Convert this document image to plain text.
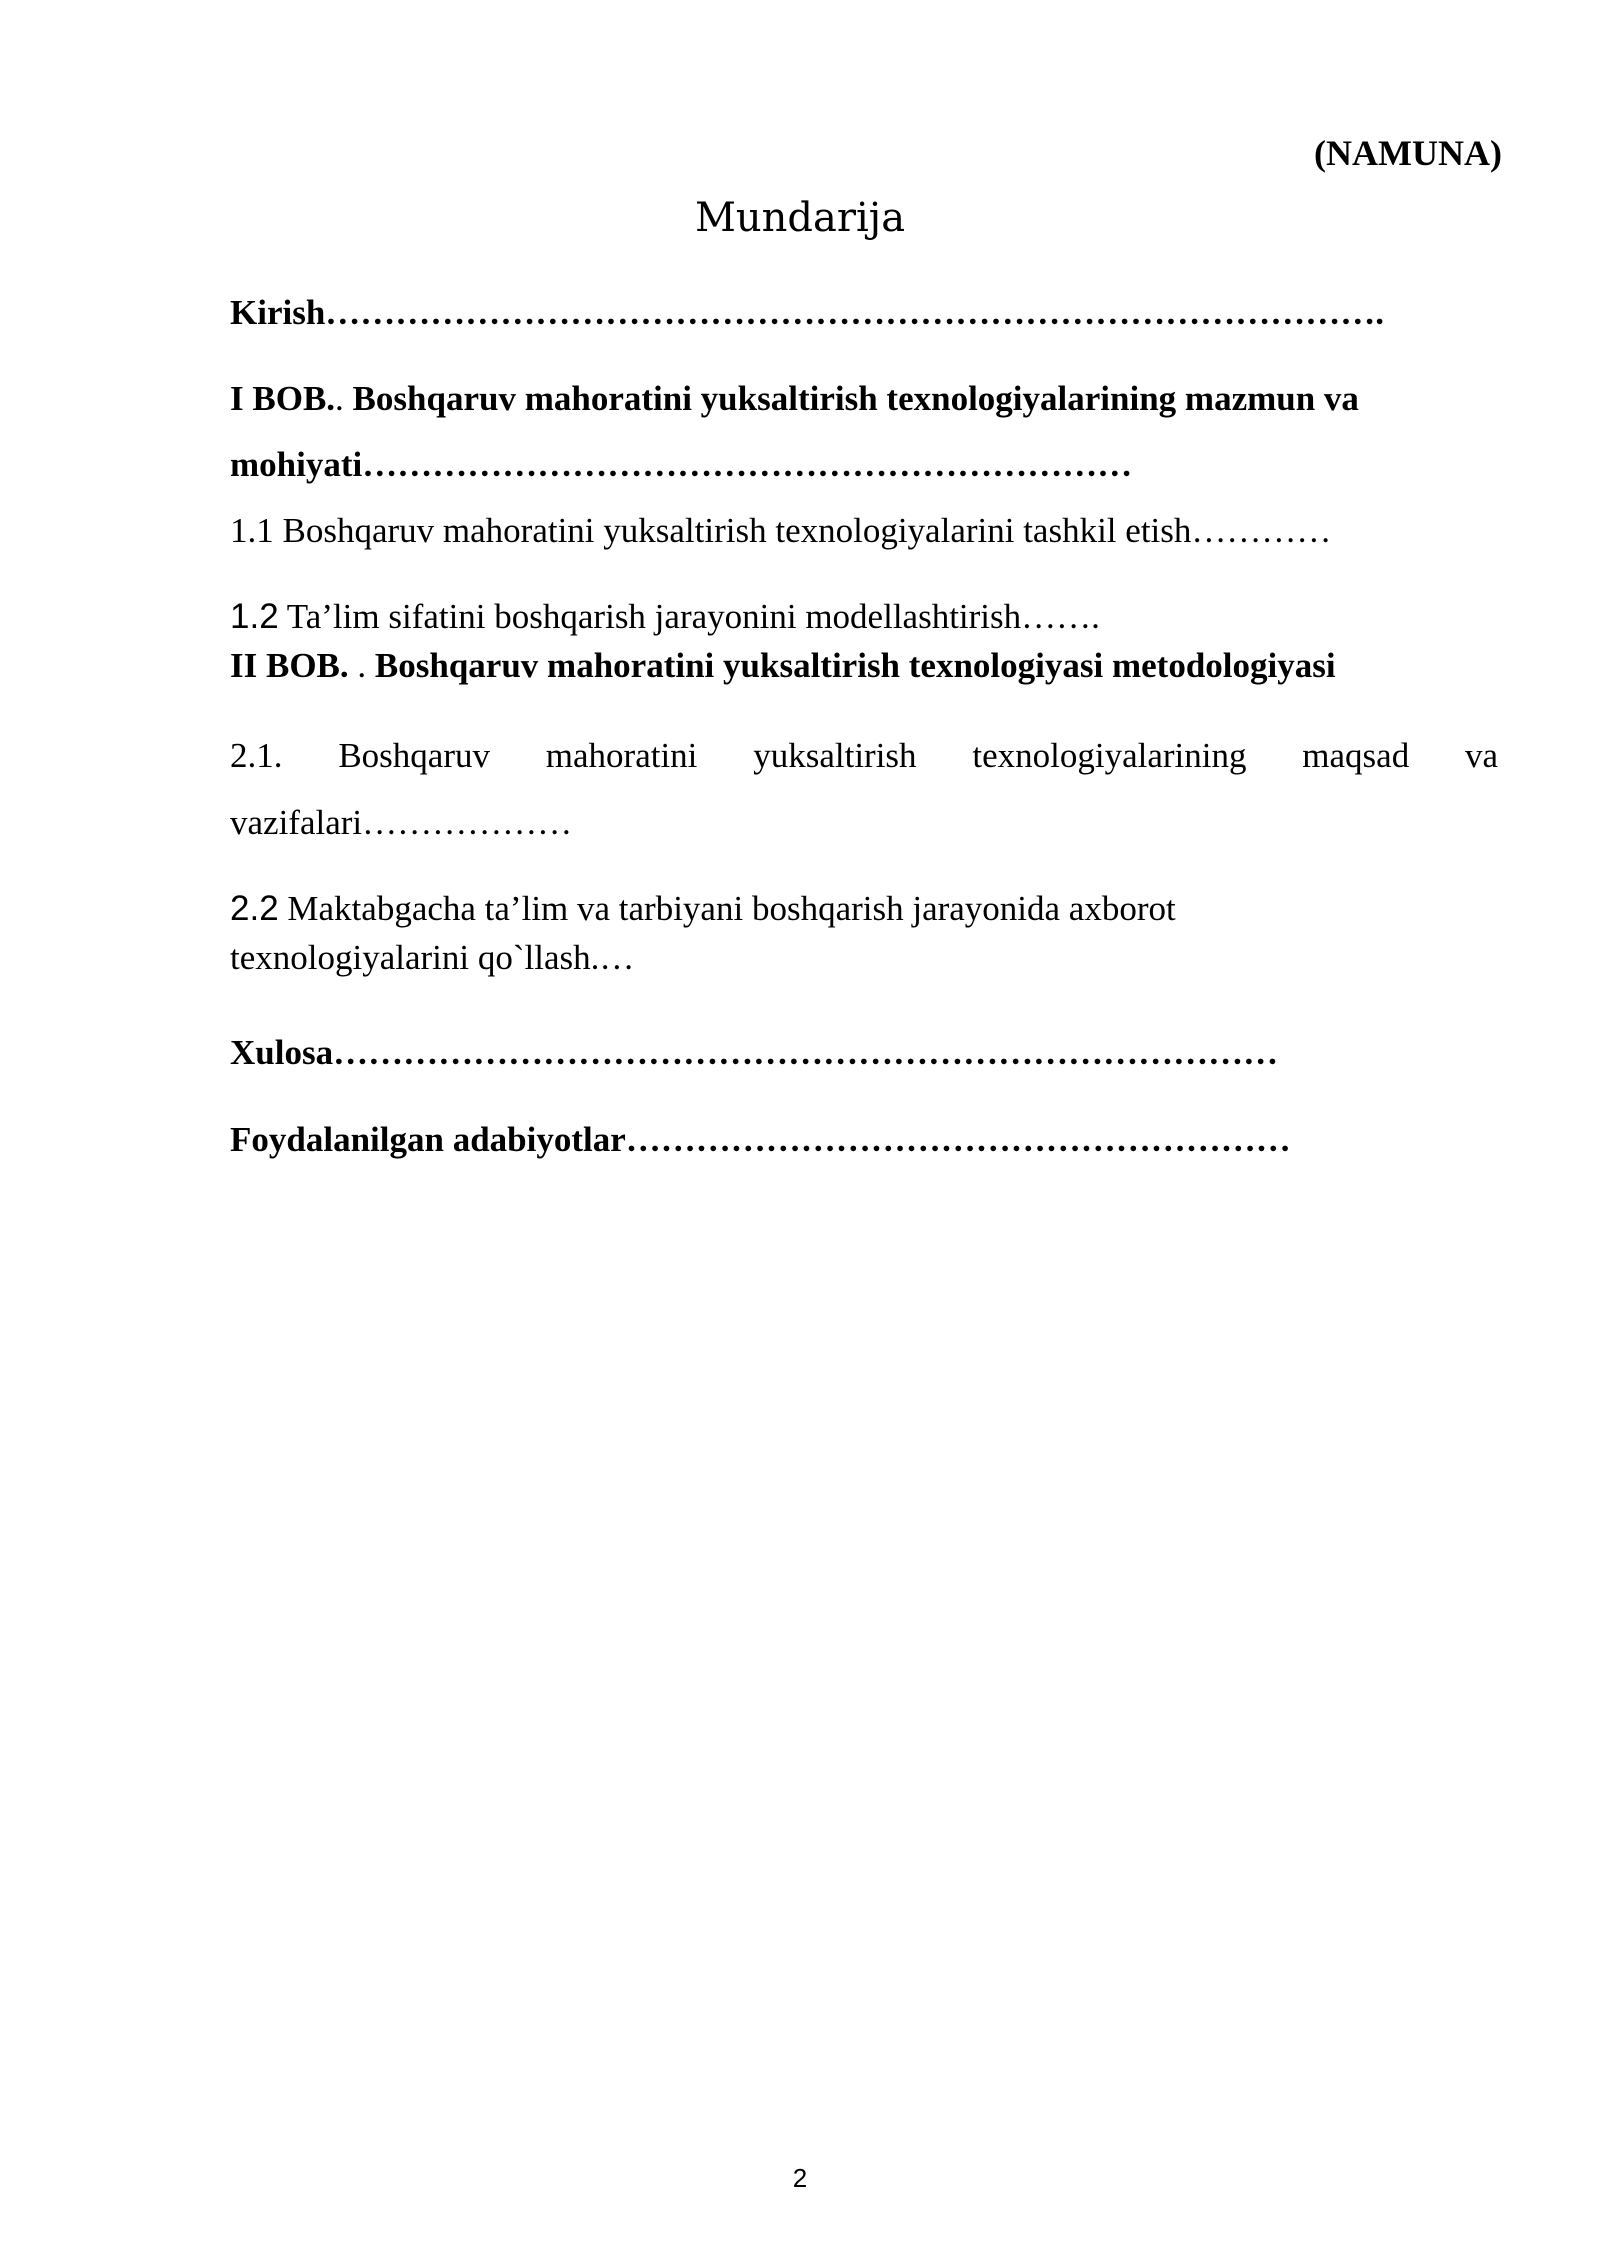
(NAMUNA)
Mundarija
Kirish……………………………………………………………………………….
I BOB.. Boshqaruv mahoratini yuksaltirish texnologiyalarining mazmun va
mohiyati…………………………………………………………
1.1 Boshqaruv mahoratini yuksaltirish texnologiyalarini tashkil etish…………
1.2 Ta’lim sifatini boshqarish jarayonini modellashtirish…….
II BOB. . Boshqaruv mahoratini yuksaltirish texnologiyasi metodologiyasi
2.1. Boshqaruv mahoratini yuksaltirish texnologiyalarining maqsad va
vazifalari………………
2.2 Maktabgacha ta’lim va tarbiyani boshqarish jarayonida axborot
texnologiyalarini qo`llash.…
Xulosa………………………………………………………………………
Foydalanilgan adabiyotlar…………………………………………………
2
